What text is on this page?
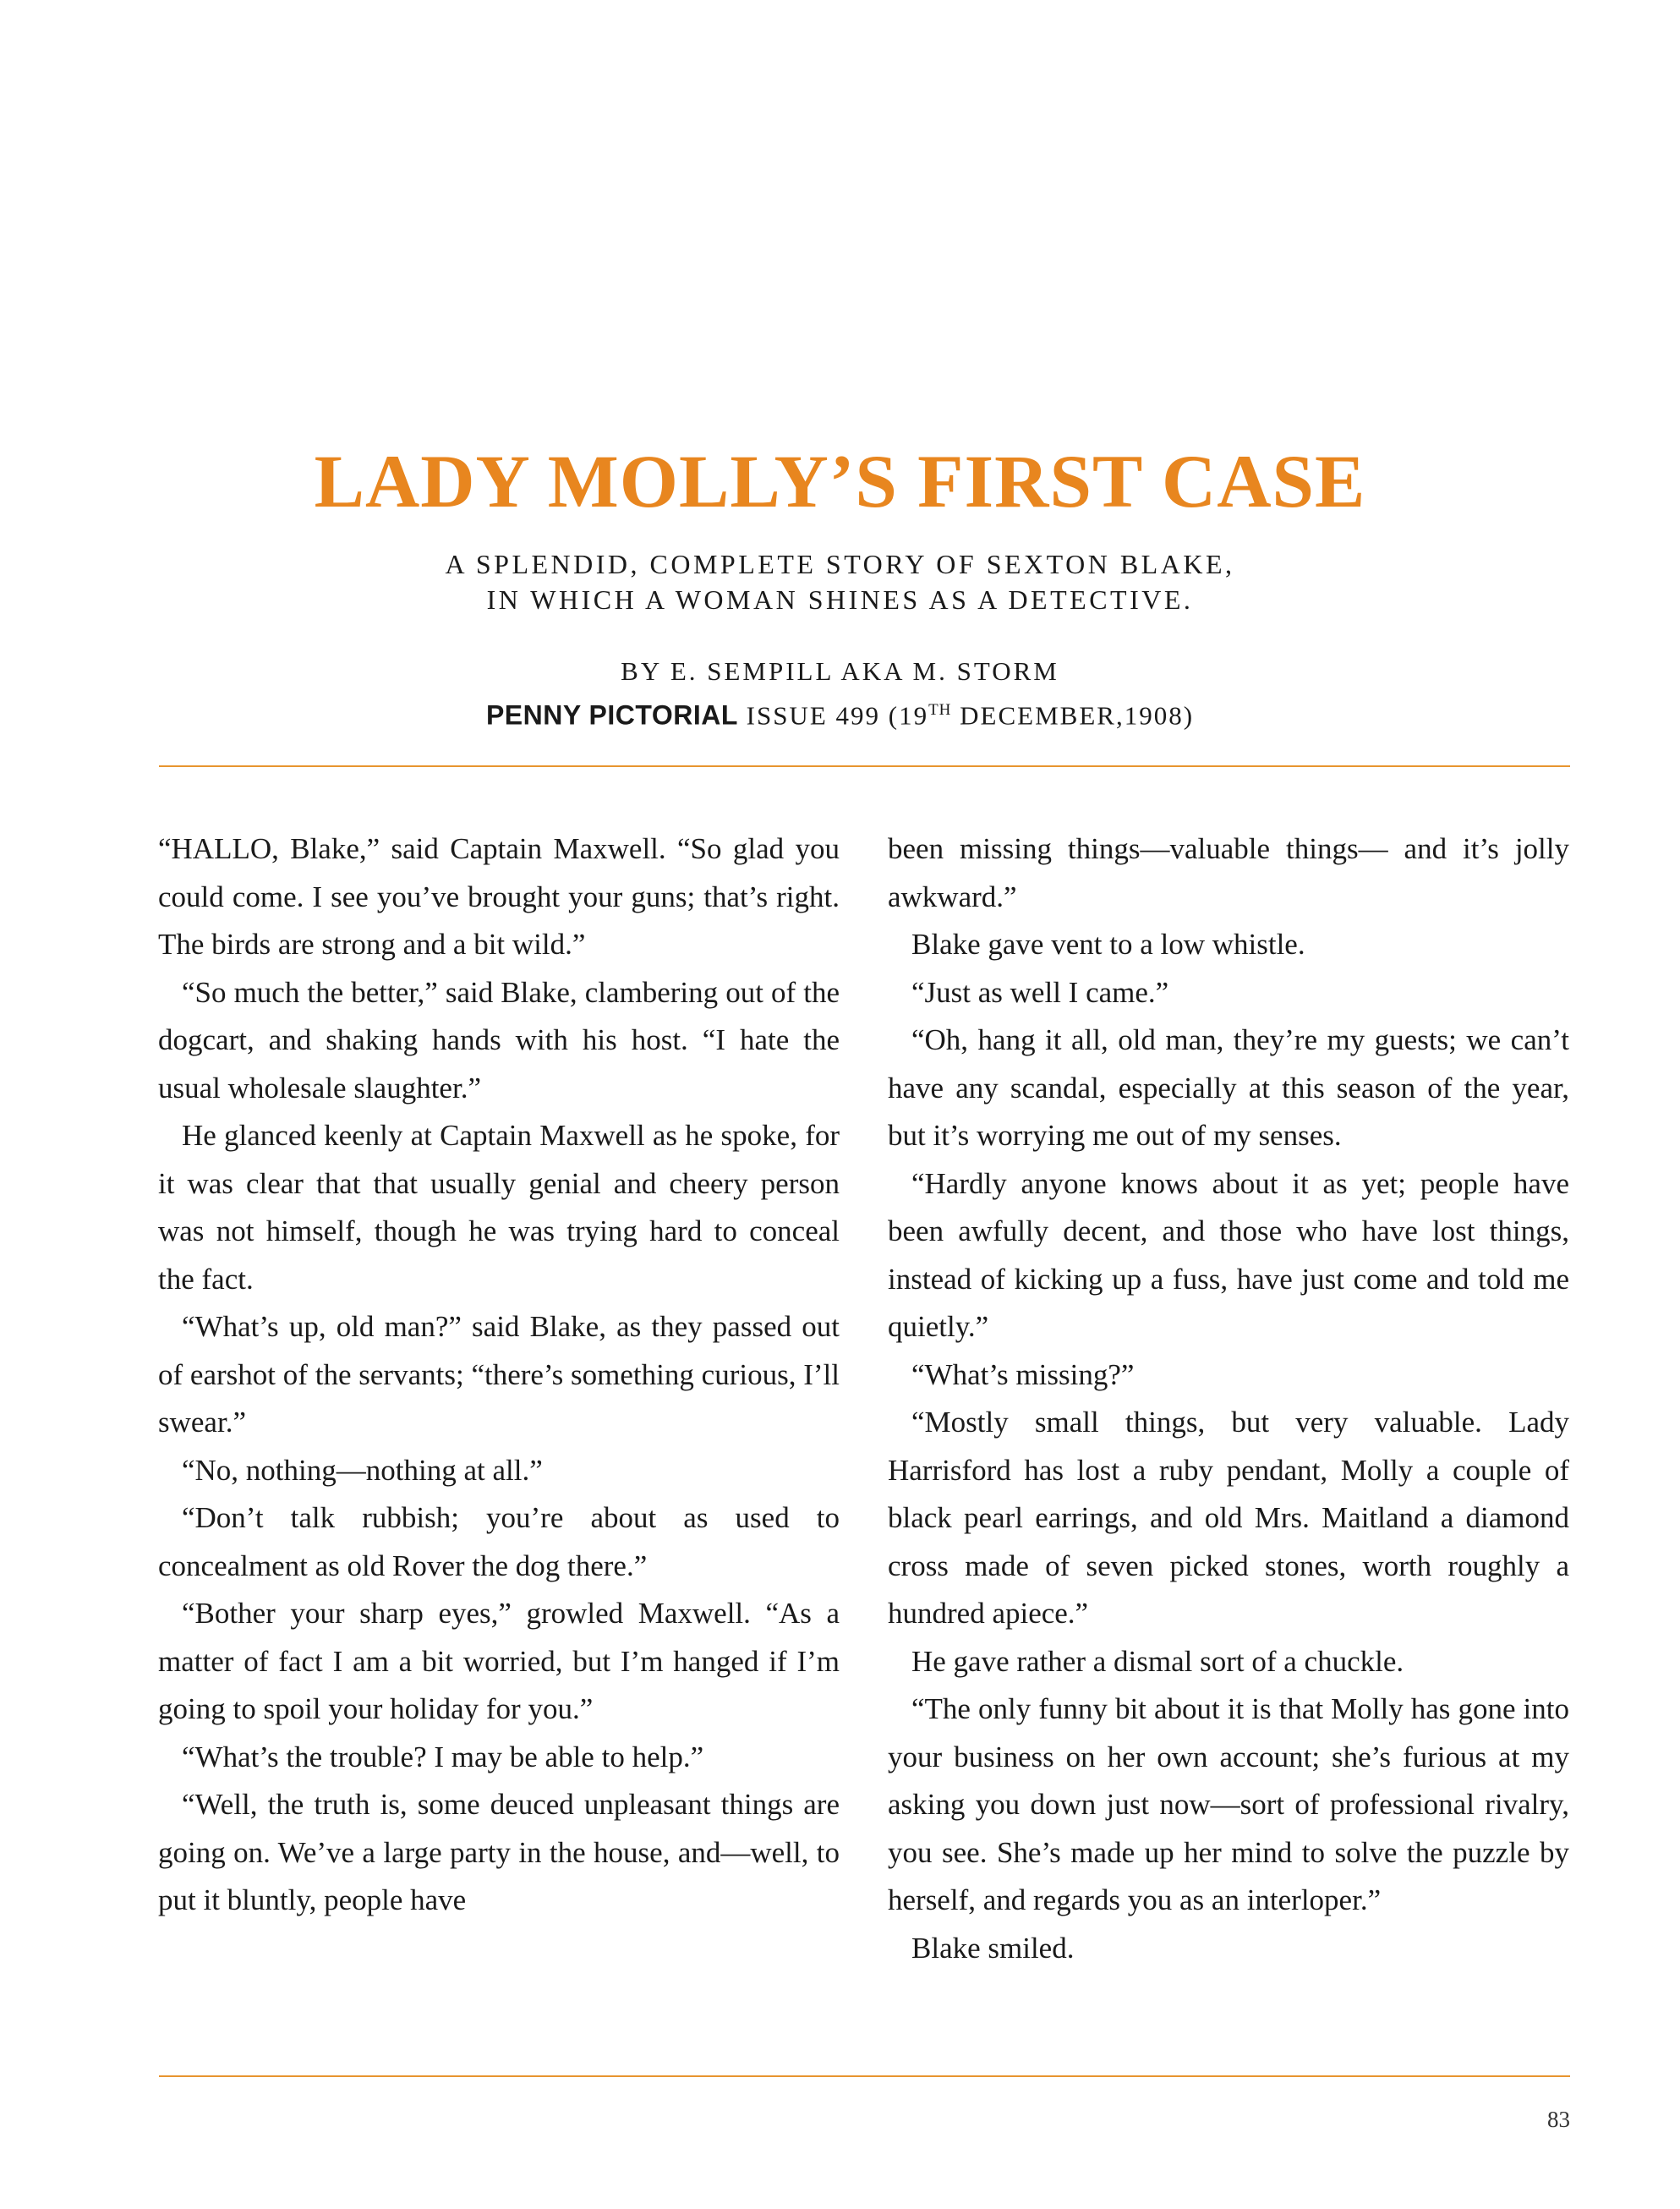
LADY MOLLY’S FIRST CASE
A SPLENDID, COMPLETE STORY OF SEXTON BLAKE,
IN WHICH A WOMAN SHINES AS A DETECTIVE.
BY E. SEMPILL AKA M. STORM
PENNY PICTORIAL ISSUE 499 (19TH DECEMBER,1908)

“HALLO, Blake,” said Captain Maxwell. “So glad you could come. I see you’ve brought your guns; that’s right. The birds are strong and a bit wild.”

“So much the better,” said Blake, clambering out of the dogcart, and shaking hands with his host. “I hate the usual wholesale slaughter.”

He glanced keenly at Captain Maxwell as he spoke, for it was clear that that usually genial and cheery person was not himself, though he was trying hard to conceal the fact.

“What’s up, old man?” said Blake, as they passed out of earshot of the servants; “there’s something curious, I’ll swear.”

“No, nothing—nothing at all.”

“Don’t talk rubbish; you’re about as used to concealment as old Rover the dog there.”

“Bother your sharp eyes,” growled Maxwell. “As a matter of fact I am a bit worried, but I’m hanged if I’m going to spoil your holiday for you.”

“What’s the trouble? I may be able to help.”

“Well, the truth is, some deuced unpleasant things are going on. We’ve a large party in the house, and—well, to put it bluntly, people have

been missing things—valuable things— and it’s jolly awkward.”

Blake gave vent to a low whistle.

“Just as well I came.”

“Oh, hang it all, old man, they’re my guests; we can’t have any scandal, especially at this season of the year, but it’s worrying me out of my senses.

“Hardly anyone knows about it as yet; people have been awfully decent, and those who have lost things, instead of kicking up a fuss, have just come and told me quietly.”

“What’s missing?”

“Mostly small things, but very valuable. Lady Harrisford has lost a ruby pendant, Molly a couple of black pearl earrings, and old Mrs. Maitland a diamond cross made of seven picked stones, worth roughly a hundred apiece.”

He gave rather a dismal sort of a chuckle.

“The only funny bit about it is that Molly has gone into your business on her own account; she’s furious at my asking you down just now—sort of professional rivalry, you see. She’s made up her mind to solve the puzzle by herself, and regards you as an interloper.”

Blake smiled.

83
